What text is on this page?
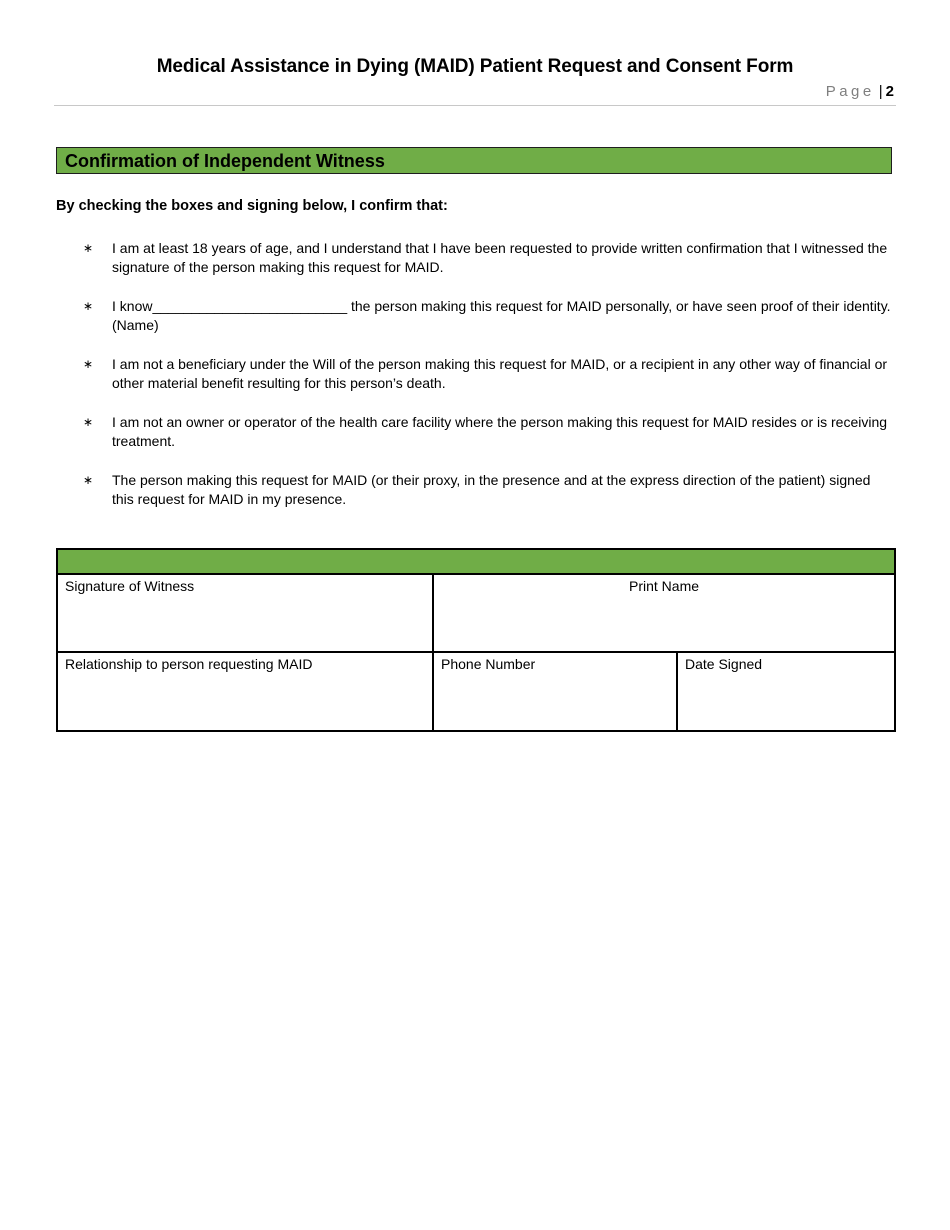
Medical Assistance in Dying (MAID) Patient Request and Consent Form
Page | 2
Confirmation of Independent Witness
By checking the boxes and signing below, I confirm that:
∗ I am at least 18 years of age, and I understand that I have been requested to provide written confirmation that I witnessed the signature of the person making this request for MAID.
∗ I know_________________________ the person making this request for MAID personally, or have seen proof of their identity.    (Name)
∗ I am not a beneficiary under the Will of the person making this request for MAID, or a recipient in any other way of financial or other material benefit resulting for this person’s death.
∗ I am not an owner or operator of the health care facility where the person making this request for MAID resides or is receiving treatment.
∗ The person making this request for MAID (or their proxy, in the presence and at the express direction of the patient) signed this request for MAID in my presence.

Signature of Witness	Print Name	
Relationship to person requesting MAID	Phone Number	Date Signed
